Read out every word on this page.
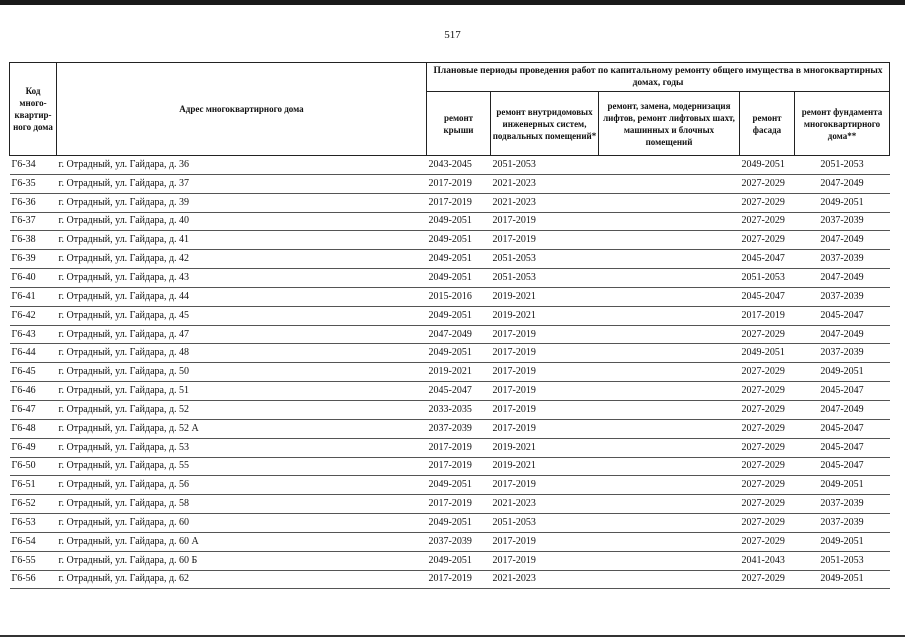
517
Код много-квартир-ного дома	Адрес многоквартирного дома	Плановые периоды проведения работ по капитальному ремонту общего имущества в многоквартирных домах, годы				
		ремонт крыши	ремонт внутридомовых инженерных систем, подвальных помещений*	ремонт, замена, модернизация лифтов, ремонт лифтовых шахт, машинных и блочных помещений	ремонт фасада	ремонт фундамента многоквартирного дома**
Г6-34	г. Отрадный, ул. Гайдара, д. 36	2043-2045	2051-2053		2049-2051	2051-2053
Г6-35	г. Отрадный, ул. Гайдара, д. 37	2017-2019	2021-2023		2027-2029	2047-2049
Г6-36	г. Отрадный, ул. Гайдара, д. 39	2017-2019	2021-2023		2027-2029	2049-2051
Г6-37	г. Отрадный, ул. Гайдара, д. 40	2049-2051	2017-2019		2027-2029	2037-2039
Г6-38	г. Отрадный, ул. Гайдара, д. 41	2049-2051	2017-2019		2027-2029	2047-2049
Г6-39	г. Отрадный, ул. Гайдара, д. 42	2049-2051	2051-2053		2045-2047	2037-2039
Г6-40	г. Отрадный, ул. Гайдара, д. 43	2049-2051	2051-2053		2051-2053	2047-2049
Г6-41	г. Отрадный, ул. Гайдара, д. 44	2015-2016	2019-2021		2045-2047	2037-2039
Г6-42	г. Отрадный, ул. Гайдара, д. 45	2049-2051	2019-2021		2017-2019	2045-2047
Г6-43	г. Отрадный, ул. Гайдара, д. 47	2047-2049	2017-2019		2027-2029	2047-2049
Г6-44	г. Отрадный, ул. Гайдара, д. 48	2049-2051	2017-2019		2049-2051	2037-2039
Г6-45	г. Отрадный, ул. Гайдара, д. 50	2019-2021	2017-2019		2027-2029	2049-2051
Г6-46	г. Отрадный, ул. Гайдара, д. 51	2045-2047	2017-2019		2027-2029	2045-2047
Г6-47	г. Отрадный, ул. Гайдара, д. 52	2033-2035	2017-2019		2027-2029	2047-2049
Г6-48	г. Отрадный, ул. Гайдара, д. 52 А	2037-2039	2017-2019		2027-2029	2045-2047
Г6-49	г. Отрадный, ул. Гайдара, д. 53	2017-2019	2019-2021		2027-2029	2045-2047
Г6-50	г. Отрадный, ул. Гайдара, д. 55	2017-2019	2019-2021		2027-2029	2045-2047
Г6-51	г. Отрадный, ул. Гайдара, д. 56	2049-2051	2017-2019		2027-2029	2049-2051
Г6-52	г. Отрадный, ул. Гайдара, д. 58	2017-2019	2021-2023		2027-2029	2037-2039
Г6-53	г. Отрадный, ул. Гайдара, д. 60	2049-2051	2051-2053		2027-2029	2037-2039
Г6-54	г. Отрадный, ул. Гайдара, д. 60 А	2037-2039	2017-2019		2027-2029	2049-2051
Г6-55	г. Отрадный, ул. Гайдара, д. 60 Б	2049-2051	2017-2019		2041-2043	2051-2053
Г6-56	г. Отрадный, ул. Гайдара, д. 62	2017-2019	2021-2023		2027-2029	2049-2051
